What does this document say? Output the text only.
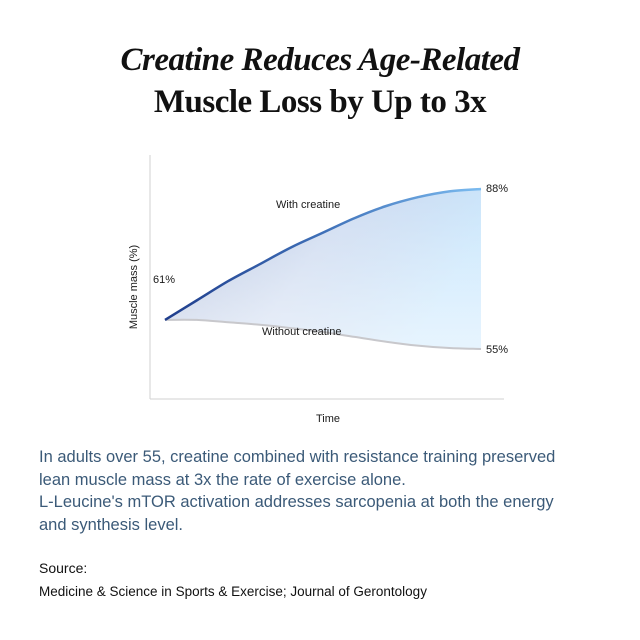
Creatine Reduces Age-Related
Muscle Loss by Up to 3x
61%
With creatine
Without creatine
88%
55%
Muscle mass (%)
Time

In adults over 55, creatine combined with resistance training preserved
lean muscle mass at 3x the rate of exercise alone.
L-Leucine's mTOR activation addresses sarcopenia at both the energy
and synthesis level.

Source:

Medicine & Science in Sports & Exercise; Journal of Gerontology
